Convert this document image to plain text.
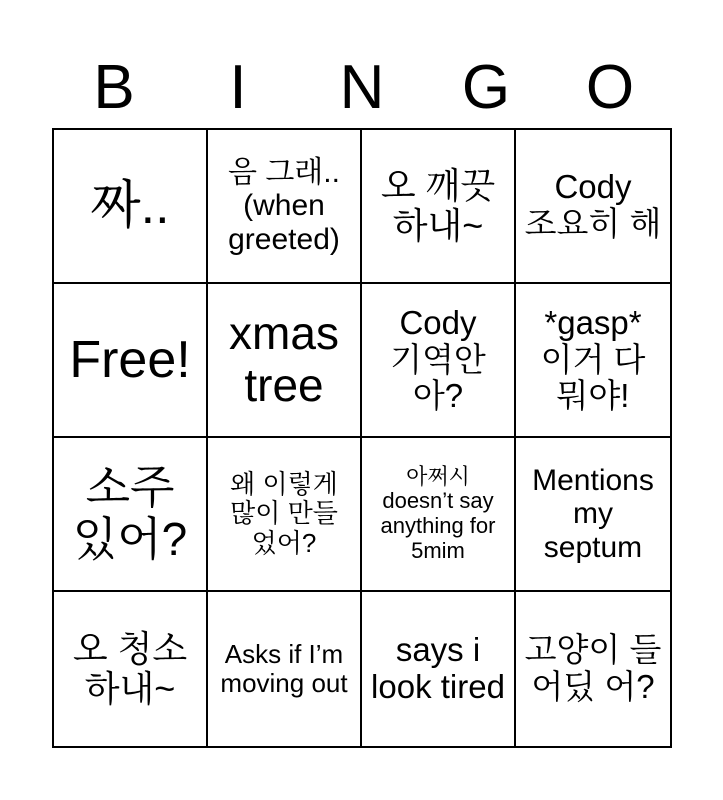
B	I	N	G	O
짜..
음 그래.. (when greeted)
오 깨끗 하내~
Cody 조요히 해
Free! xmas tree
Cody 기역안 아?
*gasp* 이거 다 뭐야!
소주 있어?
왜 이렇게 많이 만들 었어?
아쩌시 doesn’t say anything for 5mim
Mentions my septum
오 청소 하내~
Asks if I’m moving out
says i look tired
고양이 들 어딨 어?
